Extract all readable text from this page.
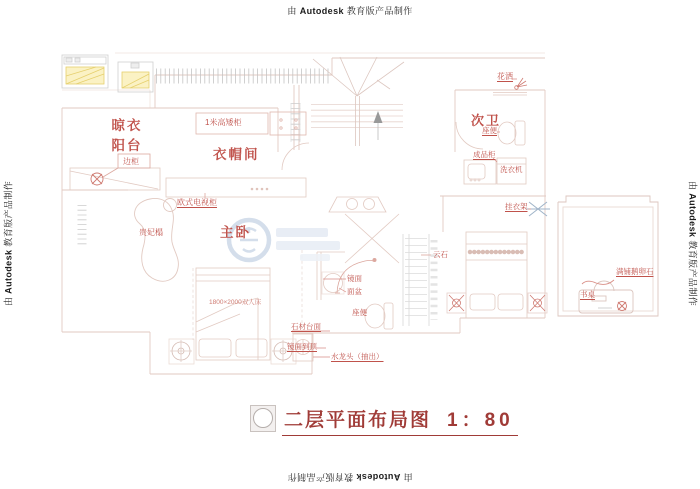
晾衣
阳台
衣帽间
主卧
次卫
边柜
1米高矮柜
欧式电视柜
贵妃榻
1800×2000双人床
花洒
座便
成品柜
洗衣机
挂衣架
镜面
面盆
座便
石材台面
镜面到顶
水龙头（抽出）
云石
满铺鹅卵石
书桌
二层平面布局图 1：80
由 Autodesk 教育版产品制作
由 Autodesk 教育版产品制作
由 Autodesk 教育版产品制作	由 Autodesk 教育版产品制作
